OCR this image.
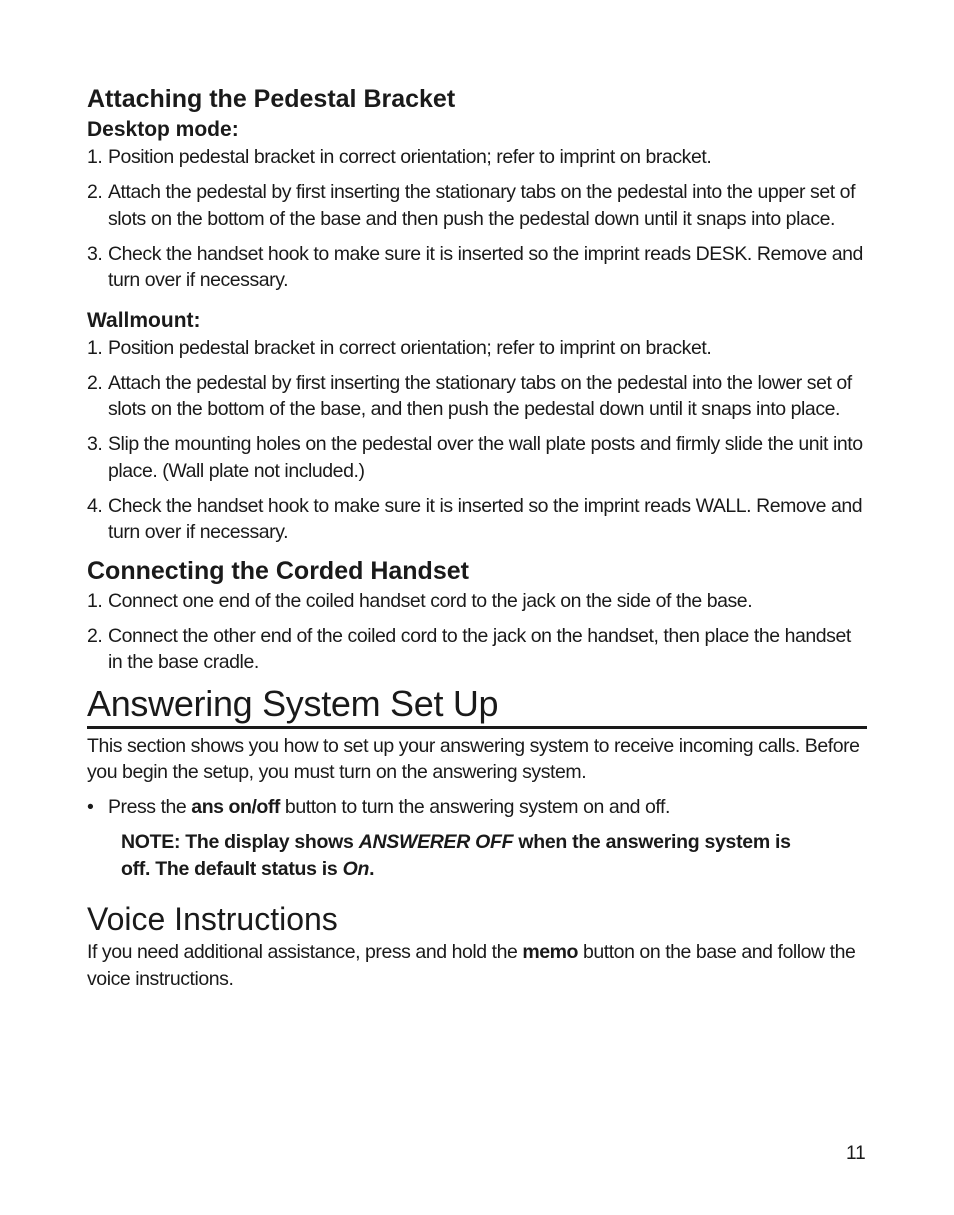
Attaching the Pedestal Bracket
Desktop mode:
1. Position pedestal bracket in correct orientation; refer to imprint on bracket.
2. Attach the pedestal by first inserting the stationary tabs on the pedestal into the upper set of slots on the bottom of the base and then push the pedestal down until it snaps into place.
3. Check the handset hook to make sure it is inserted so the imprint reads DESK. Remove and turn over if necessary.
Wallmount:
1. Position pedestal bracket in correct orientation; refer to imprint on bracket.
2. Attach the pedestal by first inserting the stationary tabs on the pedestal into the lower set of slots on the bottom of the base, and then push the pedestal down until it snaps into place.
3. Slip the mounting holes on the pedestal over the wall plate posts and firmly slide the unit into place. (Wall plate not included.)
4. Check the handset hook to make sure it is inserted so the imprint reads WALL. Remove and turn over if necessary.
Connecting the Corded Handset
1. Connect one end of the coiled handset cord to the jack on the side of the base.
2. Connect the other end of the coiled cord to the jack on the handset, then place the handset in the base cradle.
Answering System Set Up

This section shows you how to set up your answering system to receive incoming calls. Before you begin the setup, you must turn on the answering system.

• Press the ans on/off button to turn the answering system on and off.
NOTE: The display shows ANSWERER OFF when the answering system is off. The default status is On.
Voice Instructions

If you need additional assistance, press and hold the memo button on the base and follow the voice instructions.

11
